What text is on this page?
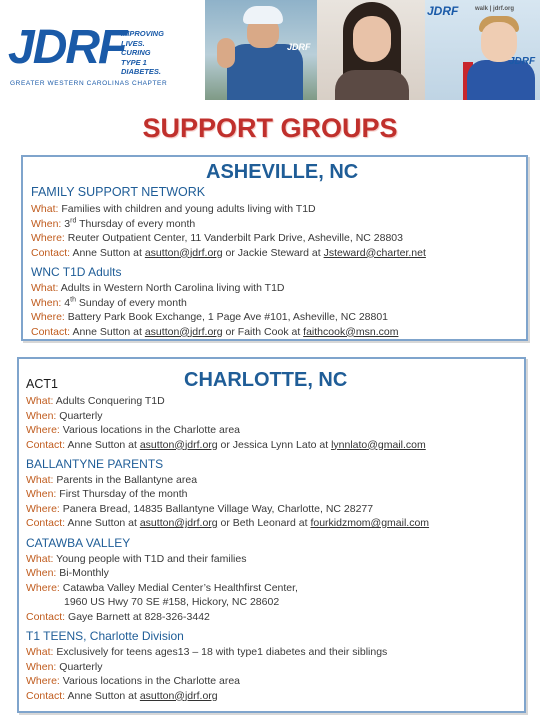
JDRF
IMPROVING
LIVES.
CURING
TYPE 1
DIABETES.
GREATER WESTERN CAROLINAS CHAPTER
JDRF
JDRF	walk | jdrf.org
JDRF
SUPPORT GROUPS
ASHEVILLE, NC
FAMILY SUPPORT NETWORK
What: Families with children and young adults living with T1D
When: 3rd Thursday of every month
Where: Reuter Outpatient Center, 11 Vanderbilt Park Drive, Asheville, NC 28803
Contact: Anne Sutton at asutton@jdrf.org or Jackie Steward at Jsteward@charter.net
WNC T1D Adults
What: Adults in Western North Carolina living with T1D
When: 4th Sunday of every month
Where: Battery Park Book Exchange, 1 Page Ave #101, Asheville, NC 28801
Contact: Anne Sutton at asutton@jdrf.org or Faith Cook at faithcook@msn.com
CHARLOTTE, NC
ACT1
What: Adults Conquering T1D
When: Quarterly
Where: Various locations in the Charlotte area
Contact: Anne Sutton at asutton@jdrf.org or Jessica Lynn Lato at lynnlato@gmail.com
BALLANTYNE PARENTS
What: Parents in the Ballantyne area
When: First Thursday of the month
Where: Panera Bread, 14835 Ballantyne Village Way, Charlotte, NC 28277
Contact: Anne Sutton at asutton@jdrf.org or Beth Leonard at fourkidzmom@gmail.com
CATAWBA VALLEY
What: Young people with T1D and their families
When: Bi-Monthly
Where: Catawba Valley Medial Center’s Healthfirst Center,
1960 US Hwy 70 SE #158, Hickory, NC 28602
Contact: Gaye Barnett at 828-326-3442
T1 TEENS, Charlotte Division
What: Exclusively for teens ages13 – 18 with type1 diabetes and their siblings
When: Quarterly
Where: Various locations in the Charlotte area
Contact: Anne Sutton at asutton@jdrf.org
